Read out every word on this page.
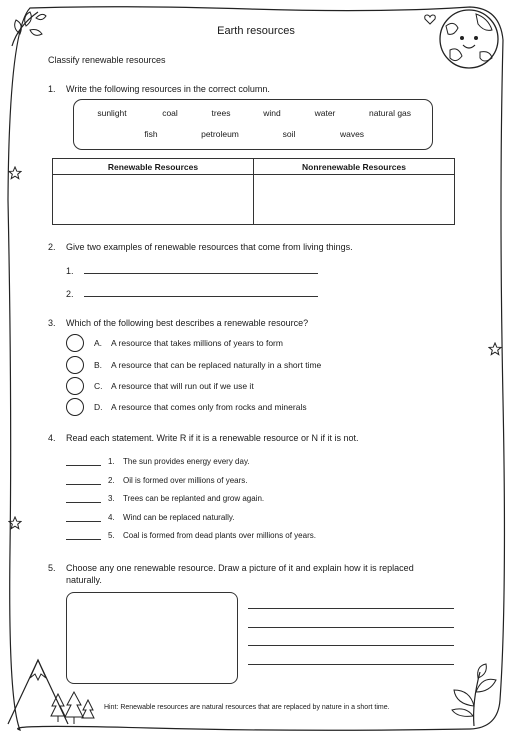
Earth resources
Classify renewable resources
1. Write the following resources in the correct column.
sunlight	coal	trees	wind	water	natural gas
fish	petroleum	soil	waves
Renewable Resources	Nonrenewable Resources

2. Give two examples of renewable resources that come from living things.
1.
2.
3. Which of the following best describes a renewable resource?
A. A resource that takes millions of years to form
B. A resource that can be replaced naturally in a short time
C. A resource that will run out if we use it
D. A resource that comes only from rocks and minerals
4. Read each statement. Write R if it is a renewable resource or N if it is not.
1. The sun provides energy every day.
2. Oil is formed over millions of years.
3. Trees can be replanted and grow again.
4. Wind can be replaced naturally.
5. Coal is formed from dead plants over millions of years.
5. Choose any one renewable resource. Draw a picture of it and explain how it is replaced
naturally.
Hint: Renewable resources are natural resources that are replaced by nature in a short time.
